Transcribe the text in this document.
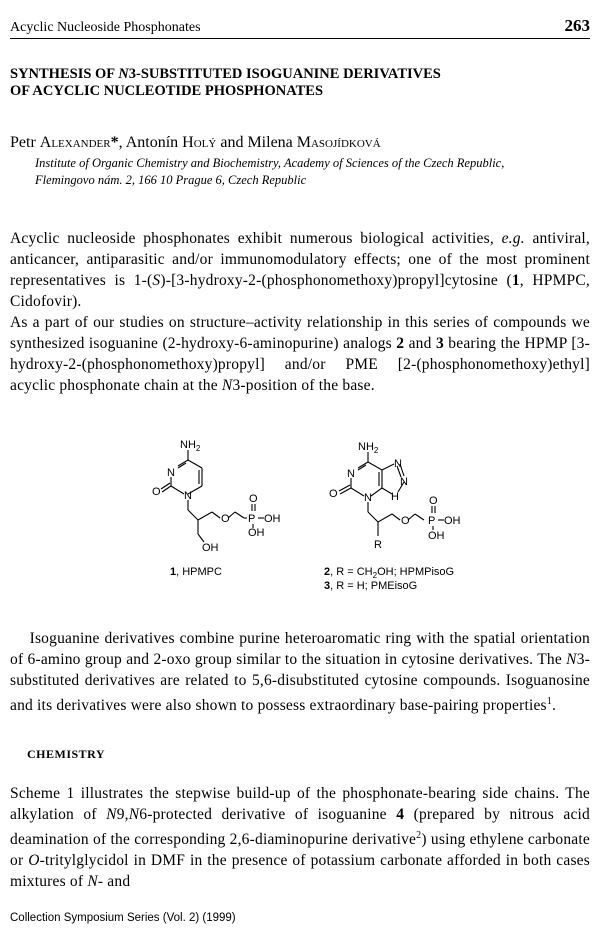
Acyclic Nucleoside Phosphonates	263
SYNTHESIS OF N3-SUBSTITUTED ISOGUANINE DERIVATIVES
OF ACYCLIC NUCLEOTIDE PHOSPHONATES
Petr Alexander*, Antonín Holý and Milena Masojídková
Institute of Organic Chemistry and Biochemistry, Academy of Sciences of the Czech Republic,
Flemingovo nám. 2, 166 10 Prague 6, Czech Republic
Acyclic nucleoside phosphonates exhibit numerous biological activities, e.g. antiviral, anticancer, antiparasitic and/or immunomodulatory effects; one of the most prominent representatives is 1-(S)-[3-hydroxy-2-(phosphonomethoxy)propyl]cytosine (1, HPMPC, Cidofovir).
As a part of our studies on structure–activity relationship in this series of compounds we synthesized isoguanine (2-hydroxy-6-aminopurine) analogs 2 and 3 bearing the HPMP [3-hydroxy-2-(phosphonomethoxy)propyl] and/or PME [2-(phosphonomethoxy)ethyl] acyclic phosphonate chain at the N3-position of the base.
$NH_2$
N
N
O
O
O
P OH
OH
OH
$NH_2$
N
N
N
N
H
O
O
O
P OH
OH
R
1, HPMPC	2, $R = CH_2OH$; HPMPisoG
3, R = H; PMEisoG
Isoguanine derivatives combine purine heteroaromatic ring with the spatial orientation of 6-amino group and 2-oxo group similar to the situation in cytosine derivatives. The N3-substituted derivatives are related to 5,6-disubstituted cytosine compounds. Isoguanosine and its derivatives were also shown to possess extraordinary base-pairing properties$^1$.
CHEMISTRY
Scheme 1 illustrates the stepwise build-up of the phosphonate-bearing side chains. The alkylation of N9,N6-protected derivative of isoguanine 4 (prepared by nitrous acid deamination of the corresponding 2,6-diaminopurine derivative$^2$) using ethylene carbonate or O-tritylglycidol in DMF in the presence of potassium carbonate afforded in both cases mixtures of N- and
Collection Symposium Series (Vol. 2) (1999)
